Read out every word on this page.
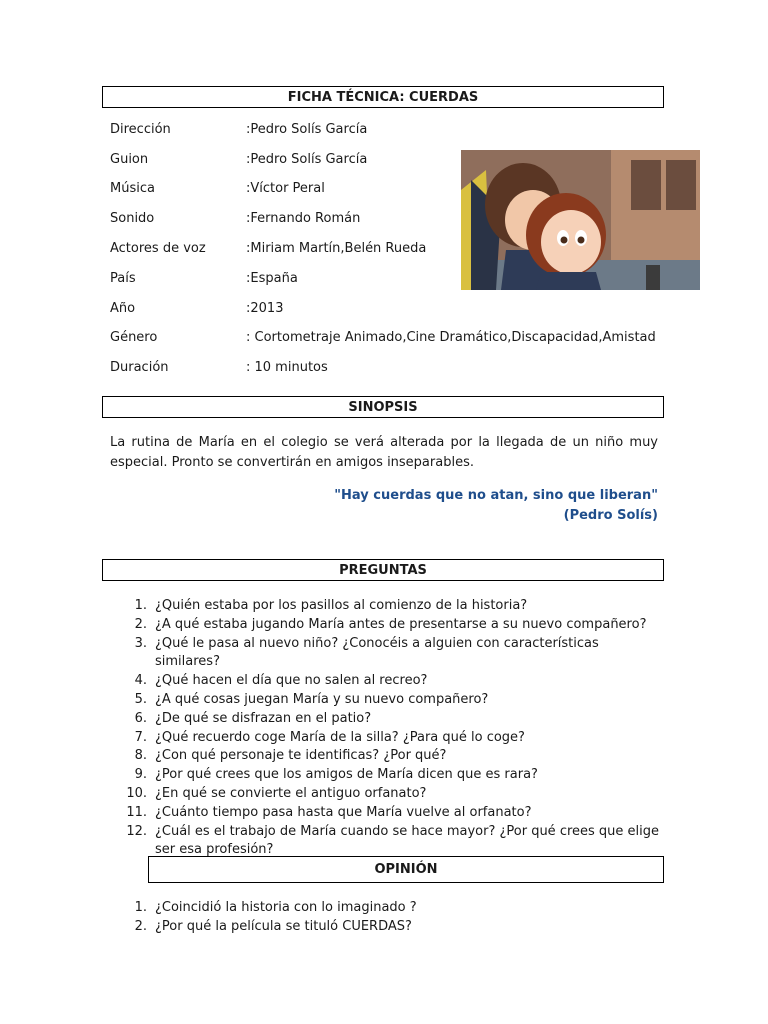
FICHA TÉCNICA: CUERDAS
Dirección	:Pedro Solís García
Guion	:Pedro Solís García
Música	:Víctor Peral
Sonido	:Fernando Román
Actores de voz	:Miriam Martín,Belén Rueda
País	:España
Año	:2013
Género	: Cortometraje Animado,Cine Dramático,Discapacidad,Amistad
Duración	: 10 minutos
SINOPSIS
La rutina de María en el colegio se verá alterada por la llegada de un niño muy especial. Pronto se convertirán en amigos inseparables.
"Hay cuerdas que no atan, sino que liberan"
(Pedro Solís)
PREGUNTAS
1. ¿Quién estaba por los pasillos al comienzo de la historia?
2. ¿A qué estaba jugando María antes de presentarse a su nuevo compañero?
3. ¿Qué le pasa al nuevo niño? ¿Conocéis a alguien con características similares?
4. ¿Qué hacen el día que no salen al recreo?
5. ¿A qué cosas juegan María y su nuevo compañero?
6. ¿De qué se disfrazan en el patio?
7. ¿Qué recuerdo coge María de la silla? ¿Para qué lo coge?
8. ¿Con qué personaje te identificas? ¿Por qué?
9. ¿Por qué crees que los amigos de María dicen que es rara?
10. ¿En qué se convierte el antiguo orfanato?
11. ¿Cuánto tiempo pasa hasta que María vuelve al orfanato?
12. ¿Cuál es el trabajo de María cuando se hace mayor? ¿Por qué crees que elige ser esa profesión?
OPINIÓN
1. ¿Coincidió la historia con lo imaginado ?
2. ¿Por qué la película se tituló CUERDAS?
